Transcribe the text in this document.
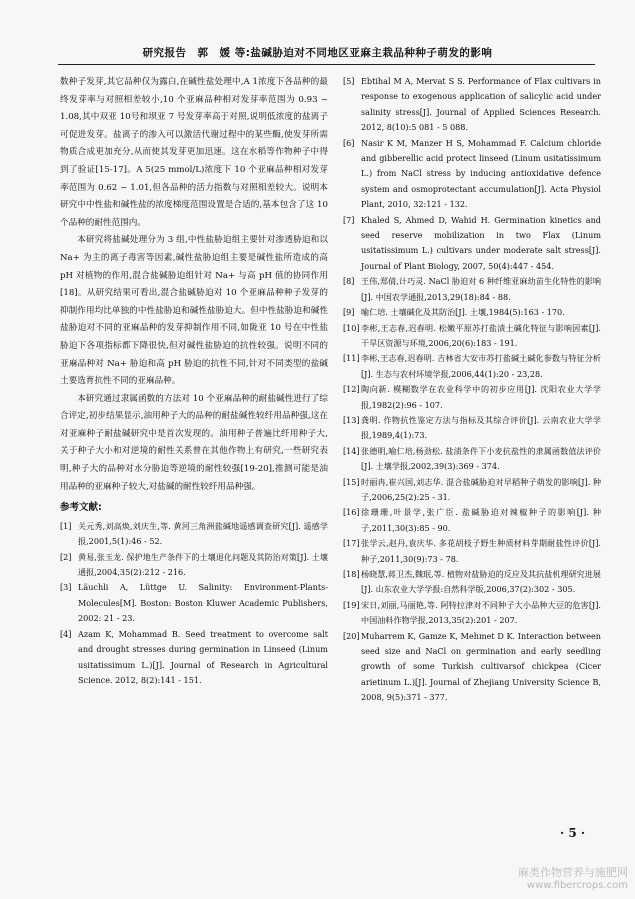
研究报告　郭　媛 等:盐碱胁迫对不同地区亚麻主栽品种种子萌发的影响

数种子发芽,其它品种仅为露白,在碱性盐处理中,A 1浓度下各品种的最终发芽率与对照相差较小,10 个亚麻品种相对发芽率范围为 0.93 ~ 1.08,其中双亚 10号和坝亚 7 号发芽率高于对照,说明低浓度的盐离子可促进发芽。盐离子的渗入可以激活代谢过程中的某些酶,使发芽所需物质合成更加充分,从而使其发芽更加迅速。这在水稻等作物种子中得到了验证[15-17]。A 5(25 mmol/L)浓度下 10 个亚麻品种相对发芽率范围为 0.62 ~ 1.01,但各品种的活力指数与对照相差较大。说明本研究中中性盐和碱性盐的浓度梯度范围设置是合适的,基本包含了这 10 个品种的耐性范围内。

本研究将盐碱处理分为 3 组,中性盐胁迫组主要针对渗透胁迫和以 Na+ 为主的离子毒害等因素,碱性盐胁迫组主要是碱性盐所造成的高 pH 对植物的作用,混合盐碱胁迫组针对 Na+ 与高 pH 值的协同作用[18]。从研究结果可看出,混合盐碱胁迫对 10 个亚麻品种种子发芽的抑制作用均比单独的中性盐胁迫和碱性盐胁迫大。但中性盐胁迫和碱性盐胁迫对不同的亚麻品种的发芽抑制作用不同,如陇亚 10 号在中性盐胁迫下各项指标都下降很快,但对碱性盐胁迫的抗性较强。说明不同的亚麻品种对 Na+ 胁迫和高 pH 胁迫的抗性不同,针对不同类型的盐碱土要选育抗性不同的亚麻品种。

本研究通过隶属函数的方法对 10 个亚麻品种的耐盐碱性进行了综合评定,初步结果显示,油用种子大的品种的耐盐碱性较纤用品种强,这在对亚麻种子耐盐碱研究中是首次发现的。油用种子普遍比纤用种子大,关于种子大小和对逆境的耐性关系曾在其他作物上有研究,一些研究表明,种子大的品种对水分胁迫等逆境的耐性较强[19-20],推测可能是油用品种的亚麻种子较大,对盐碱的耐性较纤用品种强。

参考文献:
[1] 关元秀,刘高焕,刘庆生,等. 黄河三角洲盐碱地遥感调查研究[J]. 遥感学报,2001,5(1):46 - 52.
[2] 黄易,张玉龙. 保护地生产条件下的土壤退化问题及其防治对策[J]. 土壤通报,2004,35(2):212 - 216.
[3] Läuchli A, Lüttge U. Salinity: Environment-Plants-Molecules[M]. Boston: Boston Kluwer Academic Publishers, 2002: 21 - 23.
[4] Azam K, Mohammad B. Seed treatment to overcome salt and drought stresses during germination in Linseed (Linum usitatissimum L.)[J]. Journal of Research in Agricultural Science. 2012, 8(2):141 - 151.
[5] Ebtihal M A, Mervat S S. Performance of Flax cultivars in response to exogenous application of salicylic acid under salinity stress[J]. Journal of Applied Sciences Research. 2012, 8(10):5 081 - 5 088.
[6] Nasir K M, Manzer H S, Mohammad F. Calcium chloride and gibberellic acid protect linseed (Linum usitatissimum L.) from NaCl stress by inducing antioxidative defence system and osmoprotectant accumulation[J]. Acta Physiol Plant, 2010, 32:121 - 132.
[7] Khaled S, Ahmed D, Wahid H. Germination kinetics and seed reserve mobilization in two Flax (Linum usitatissimum L.) cultivars under moderate salt stress[J]. Journal of Plant Biology, 2007, 50(4):447 - 454.
[8] 王伟,郑倩,计巧灵. NaCl 胁迫对 6 种纤维亚麻幼苗生化特性的影响[J]. 中国农学通报,2013,29(18):84 - 88.
[9] 喻仁培. 土壤碱化及其防治[J]. 土壤,1984(5):163 - 170.
[10] 李彬,王志春,迟春明. 松嫩平原苏打盐渍土碱化特征与影响因素[J]. 干旱区资源与环境,2006,20(6):183 - 191.
[11] 李彬,王志春,迟春明. 吉林省大安市苏打盐碱土碱化参数与特征分析[J]. 生态与农村环境学报,2006,44(1):20 - 23,28.
[12] 陶向新. 模糊数学在农业科学中的初步应用[J]. 沈阳农业大学学报,1982(2):96 - 107.
[13] 龚明. 作物抗性鉴定方法与指标及其综合评价[J]. 云南农业大学学报,1989,4(1):73.
[14] 张德明,喻仁培,杨劲松. 盐渍条件下小麦抗盐性的隶属函数值法评价[J]. 土壤学报,2002,39(3):369 - 374.
[15] 时丽冉,崔兴国,刘志华. 混合盐碱胁迫对早稻种子萌发的影响[J]. 种子,2006,25(2):25 - 31.
[16] 徐珊珊,叶景学,张广臣. 盐碱胁迫对辣椒种子的影响[J]. 种子,2011,30(3):85 - 90.
[17] 张学云,赵丹,袁庆华. 多花胡枝子野生种质材料芽期耐盐性评价[J]. 种子,2011,30(9):73 - 78.
[18] 杨晓慧,蒋卫杰,魏珉,等. 植物对盐胁迫的反应及其抗盐机理研究进展[J]. 山东农业大学学报:自然科学版,2006,37(2):302 - 305.
[19] 宋日,刘丽,马丽艳,等. 阿特拉津对不同种子大小品种大豆的危害[J]. 中国油料作物学报,2013,35(2):201 - 207.
[20] Muharrem K, Gamze K, Mehmet D K. Interaction between seed size and NaCl on germination and early seedling growth of some Turkish cultivarsof chickpea (Cicer arietinum L.)[J]. Journal of Zhejiang University Science B, 2008, 9(5):371 - 377.
· 5 ·
麻类作物营养与施肥网
www.fibercrops.com
